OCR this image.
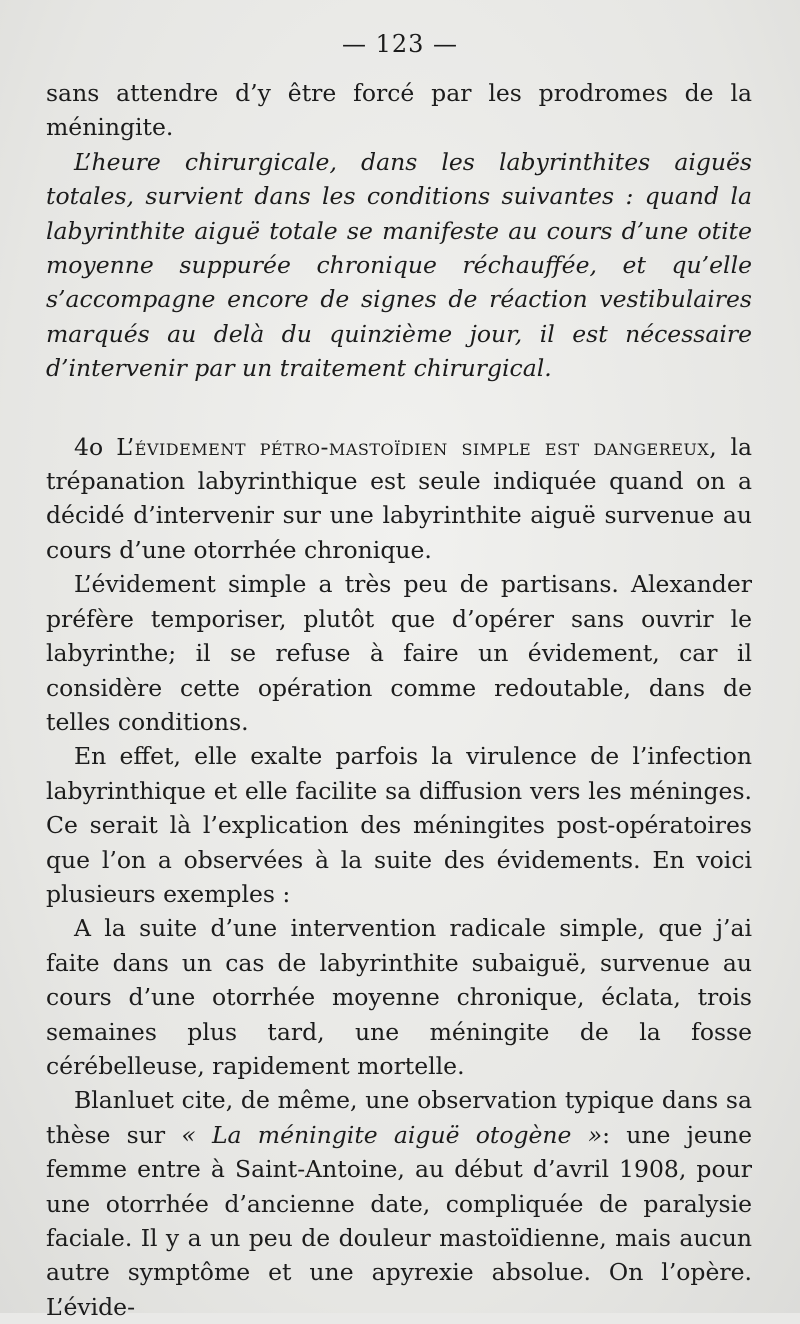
— 123 —

sans attendre d’y être forcé par les prodromes de la méningite.

L’heure chirurgicale, dans les labyrinthites aiguës totales, survient dans les conditions suivantes : quand la labyrinthite aiguë totale se manifeste au cours d’une otite moyenne suppurée chronique réchauffée, et qu’elle s’accompagne encore de signes de réaction vestibulaires marqués au delà du quinzième jour, il est nécessaire d’intervenir par un traitement chirurgical.

4o L’évidement pétro-mastoïdien simple est dangereux, la trépanation labyrinthique est seule indiquée quand on a décidé d’intervenir sur une labyrinthite aiguë survenue au cours d’une otorrhée chronique.

L’évidement simple a très peu de partisans. Alexander préfère temporiser, plutôt que d’opérer sans ouvrir le labyrinthe; il se refuse à faire un évidement, car il considère cette opération comme redoutable, dans de telles conditions.

En effet, elle exalte parfois la virulence de l’infection labyrinthique et elle facilite sa diffusion vers les méninges. Ce serait là l’explication des méningites post-opératoires que l’on a observées à la suite des évidements. En voici plusieurs exemples :

A la suite d’une intervention radicale simple, que j’ai faite dans un cas de labyrinthite subaiguë, survenue au cours d’une otorrhée moyenne chronique, éclata, trois semaines plus tard, une méningite de la fosse cérébelleuse, rapidement mortelle.

Blanluet cite, de même, une observation typique dans sa thèse sur « La méningite aiguë otogène »: une jeune femme entre à Saint-Antoine, au début d’avril 1908, pour une otorrhée d’ancienne date, compliquée de paralysie faciale. Il y a un peu de douleur mastoïdienne, mais aucun autre symptôme et une apyrexie absolue. On l’opère. L’évide-
